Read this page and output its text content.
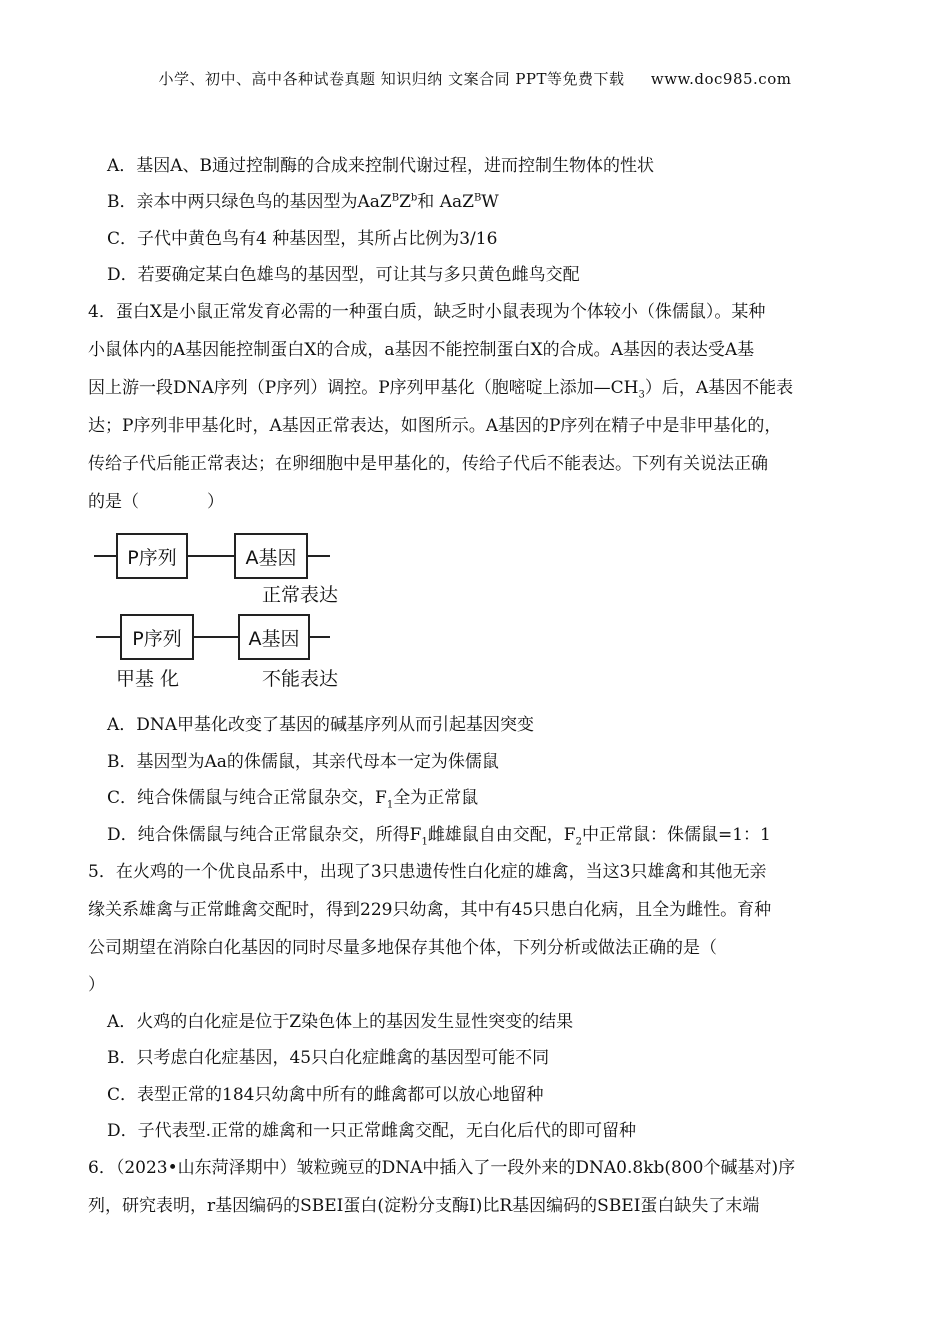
小学、初中、高中各种试卷真题 知识归纳 文案合同 PPT等免费下载     www.doc985.com
A．基因A、B通过控制酶的合成来控制代谢过程，进而控制生物体的性状
B．亲本中两只绿色鸟的基因型为$AaZ^BZ^b$和 AaZ$^B$W
C．子代中黄色鸟有4 种基因型，其所占比例为3/16
D．若要确定某白色雄鸟的基因型，可让其与多只黄色雌鸟交配
4．蛋白X是小鼠正常发育必需的一种蛋白质，缺乏时小鼠表现为个体较小（侏儒鼠）。某种
小鼠体内的A基因能控制蛋白X的合成，a基因不能控制蛋白X的合成。A基因的表达受A基
因上游一段DNA序列（P序列）调控。P序列甲基化（胞嘧啶上添加$—CH_3$）后，A基因不能表
达；P序列非甲基化时，A基因正常表达，如图所示。A基因的P序列在精子中是非甲基化的，
传给子代后能正常表达；在卵细胞中是甲基化的，传给子代后不能表达。下列有关说法正确
的是（　　　　）
P序列	A基因
正常表达
P序列	A基因
甲基 化	不能表达
A．DNA甲基化改变了基因的碱基序列从而引起基因突变
B．基因型为Aa的侏儒鼠，其亲代母本一定为侏儒鼠
C．纯合侏儒鼠与纯合正常鼠杂交，$F_1$全为正常鼠
D．纯合侏儒鼠与纯合正常鼠杂交，所得$F_1$雌雄鼠自由交配，$F_2$中正常鼠：侏儒鼠=1：1
5．在火鸡的一个优良品系中，出现了3只患遗传性白化症的雄禽，当这3只雄禽和其他无亲
缘关系雄禽与正常雌禽交配时，得到229只幼禽，其中有45只患白化病，且全为雌性。育种
公司期望在消除白化基因的同时尽量多地保存其他个体，下列分析或做法正确的是（
）
A．火鸡的白化症是位于Z染色体上的基因发生显性突变的结果
B．只考虑白化症基因，45只白化症雌禽的基因型可能不同
C．表型正常的184只幼禽中所有的雌禽都可以放心地留种
D．子代表型.正常的雄禽和一只正常雌禽交配，无白化后代的即可留种
6．（2023•山东菏泽期中）皱粒豌豆的DNA中插入了一段外来的DNA0.8kb(800个碱基对)序
列，研究表明，r基因编码的SBEI蛋白(淀粉分支酶I)比R基因编码的SBEI蛋白缺失了末端
